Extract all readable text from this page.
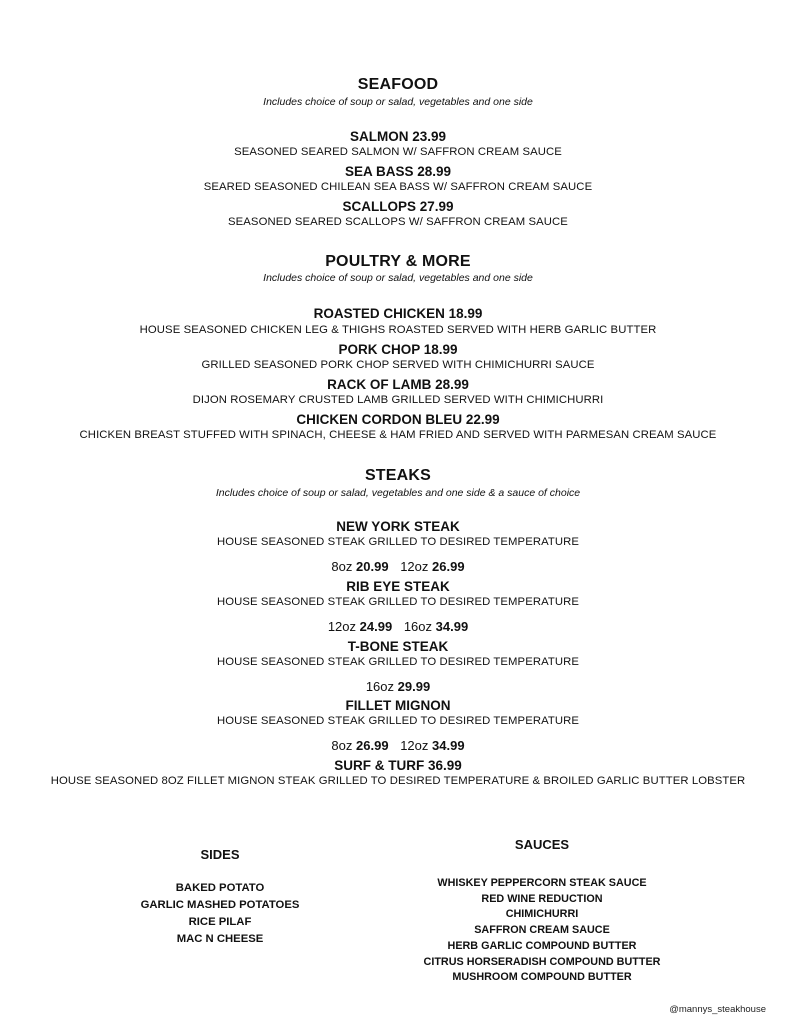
SEAFOOD
Includes choice of soup or salad, vegetables and one side
SALMON 23.99
SEASONED SEARED SALMON W/ SAFFRON CREAM SAUCE
SEA BASS 28.99
SEARED SEASONED CHILEAN SEA BASS W/ SAFFRON CREAM SAUCE
SCALLOPS 27.99
SEASONED SEARED SCALLOPS W/ SAFFRON CREAM SAUCE
POULTRY & MORE
Includes choice of soup or salad, vegetables and one side
ROASTED CHICKEN 18.99
HOUSE SEASONED CHICKEN LEG & THIGHS ROASTED SERVED WITH HERB GARLIC BUTTER
PORK CHOP 18.99
GRILLED SEASONED PORK CHOP SERVED WITH CHIMICHURRI SAUCE
RACK OF LAMB 28.99
DIJON ROSEMARY CRUSTED LAMB GRILLED SERVED WITH CHIMICHURRI
CHICKEN CORDON BLEU 22.99
CHICKEN BREAST STUFFED WITH SPINACH, CHEESE & HAM FRIED AND SERVED WITH PARMESAN CREAM SAUCE
STEAKS
Includes choice of soup or salad, vegetables and one side & a sauce of choice
NEW YORK STEAK
HOUSE SEASONED STEAK GRILLED TO DESIRED TEMPERATURE
8oz 20.99 12oz 26.99
RIB EYE STEAK
HOUSE SEASONED STEAK GRILLED TO DESIRED TEMPERATURE
12oz 24.99 16oz 34.99
T-BONE STEAK
HOUSE SEASONED STEAK GRILLED TO DESIRED TEMPERATURE
16oz 29.99
FILLET MIGNON
HOUSE SEASONED STEAK GRILLED TO DESIRED TEMPERATURE
8oz 26.99 12oz 34.99
SURF & TURF 36.99
HOUSE SEASONED 8OZ FILLET MIGNON STEAK GRILLED TO DESIRED TEMPERATURE & BROILED GARLIC BUTTER LOBSTER
SIDES
BAKED POTATO
GARLIC MASHED POTATOES
RICE PILAF
MAC N CHEESE
SAUCES
WHISKEY PEPPERCORN STEAK SAUCE
RED WINE REDUCTION
CHIMICHURRI
SAFFRON CREAM SAUCE
HERB GARLIC COMPOUND BUTTER
CITRUS HORSERADISH COMPOUND BUTTER
MUSHROOM COMPOUND BUTTER
@mannys_steakhouse
